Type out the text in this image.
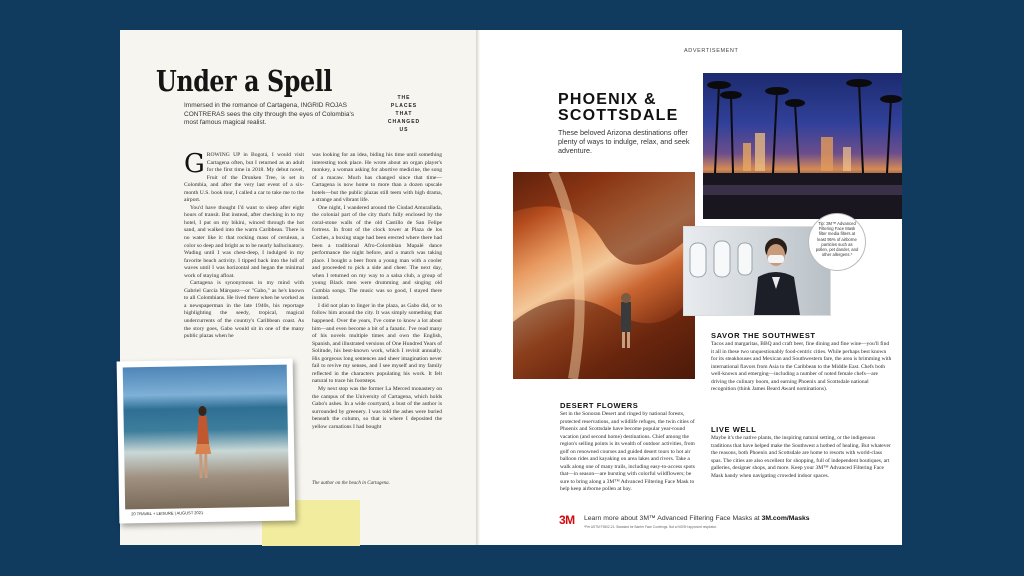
Under a Spell
Immersed in the romance of Cartagena, INGRID ROJAS CONTRERAS sees the city through the eyes of Colombia's most famous magical realist.
THE PLACES THAT CHANGED US
G ROWING UP in Bogotá, I would visit Cartagena often, but I returned as an adult for the first time in 2018. My debut novel, Fruit of the Drunken Tree, is set in Colombia, and after the very last event of a six-month U.S. book tour, I called a car to take me to the airport.

You'd have thought I'd want to sleep after eight hours of transit. But instead, after checking in to my hotel, I put on my bikini, winced through the hot sand, and walked into the warm Caribbean. There is no water like it: that rocking mass of cerulean, a color so deep and bright as to be nearly hallucinatory. Wading until I was chest-deep, I indulged in my favorite beach activity. I tipped back into the lull of waves until I was horizontal and began the minimal work of staying afloat.

Cartagena is synonymous in my mind with Gabriel García Márquez—or "Gabo," as he's known to all Colombians. He lived there when he worked as a newspaperman in the late 1940s, his reportage highlighting the seedy, tropical, magical undercurrents of the country's Caribbean coast. As the story goes, Gabo would sit in one of the many public plazas when he

was looking for an idea, biding his time until something interesting took place. He wrote about an organ player's monkey, a woman asking for abortive medicine, the song of a macaw. Much has changed since that time—Cartagena is now home to more than a dozen upscale hotels—but the public plazas still teem with high drama, a strange and vibrant life.

One night, I wandered around the Ciudad Amurallada, the colonial part of the city that's fully enclosed by the coral-stone walls of the old Castillo de San Felipe fortress. In front of the clock tower at Plaza de los Coches, a boxing stage had been erected where there had been a traditional Afro-Colombian Mapalé dance performance the night before, and a match was taking place. I bought a beer from a young man with a cooler and proceeded to pick a side and cheer. The next day, when I returned on my way to a salsa club, a group of young Black men were drumming and singing old Cumbia songs. The music was so good, I stayed there instead.

I did not plan to linger in the plaza, as Gabo did, or to follow him around the city. It was simply something that happened. Over the years, I've come to know a lot about him—and even become a bit of a fanatic. I've read many of his novels multiple times and own the English, Spanish, and illustrated versions of One Hundred Years of Solitude, his best-known work, which I revisit annually. His gorgeous long sentences and sheer imagination never fail to revive my senses, and I see myself and my family reflected in the characters populating his work. It felt natural to trace his footsteps.

My next stop was the former La Merced monastery on the campus of the University of Cartagena, which holds Gabo's ashes. In a wide courtyard, a bust of the author is surrounded by greenery. I was told the ashes were buried beneath the column, so that is where I deposited the yellow carnations I had bought

20 TRAVEL + LEISURE | AUGUST 2021
The author on the beach in Cartagena.
ADVERTISEMENT
PHOENIX &
SCOTTSDALE
These beloved Arizona destinations offer plenty of ways to indulge, relax, and seek adventure.
Tip: 3M™ Advanced Filtering Face Mask filter media filters at least 95% of airborne particles such as pollen, pet dander, and other allergens.*
SAVOR THE SOUTHWEST
Tacos and margaritas, BBQ and craft beer, fine dining and fine wine—you'll find it all in these two unquestionably food-centric cities. While perhaps best known for its steakhouses and Mexican and Southwestern fare, the area is brimming with international flavors from Asia to the Caribbean to the Middle East. Chefs both well-known and emerging—including a number of noted female chefs—are driving the culinary boom, and earning Phoenix and Scottsdale national recognition (think James Beard Award nominations).
LIVE WELL
Maybe it's the native plants, the inspiring natural setting, or the indigenous traditions that have helped make the Southwest a hotbed of healing. But whatever the reasons, both Phoenix and Scottsdale are home to resorts with world-class spas. The cities are also excellent for shopping, full of independent boutiques, art galleries, designer shops, and more. Keep your 3M™ Advanced Filtering Face Mask handy when navigating crowded indoor spaces.
DESERT FLOWERS
Set in the Sonoran Desert and ringed by national forests, protected reservations, and wildlife refuges, the twin cities of Phoenix and Scottsdale have become popular year-round vacation (and second home) destinations. Chief among the region's selling points is its wealth of outdoor activities, from golf on renowned courses and guided desert tours to hot air balloon rides and kayaking on area lakes and rivers. Take a walk along one of many trails, including easy-to-access spots that—in season—are bursting with colorful wildflowers; be sure to bring along a 3M™ Advanced Filtering Face Mask to help keep airborne pollen at bay.
3M Learn more about 3M™ Advanced Filtering Face Masks at 3M.com/Masks
*Per ASTM F3502-21. Standard for Barrier Face Coverings. Not a NIOSH approved respirator.
